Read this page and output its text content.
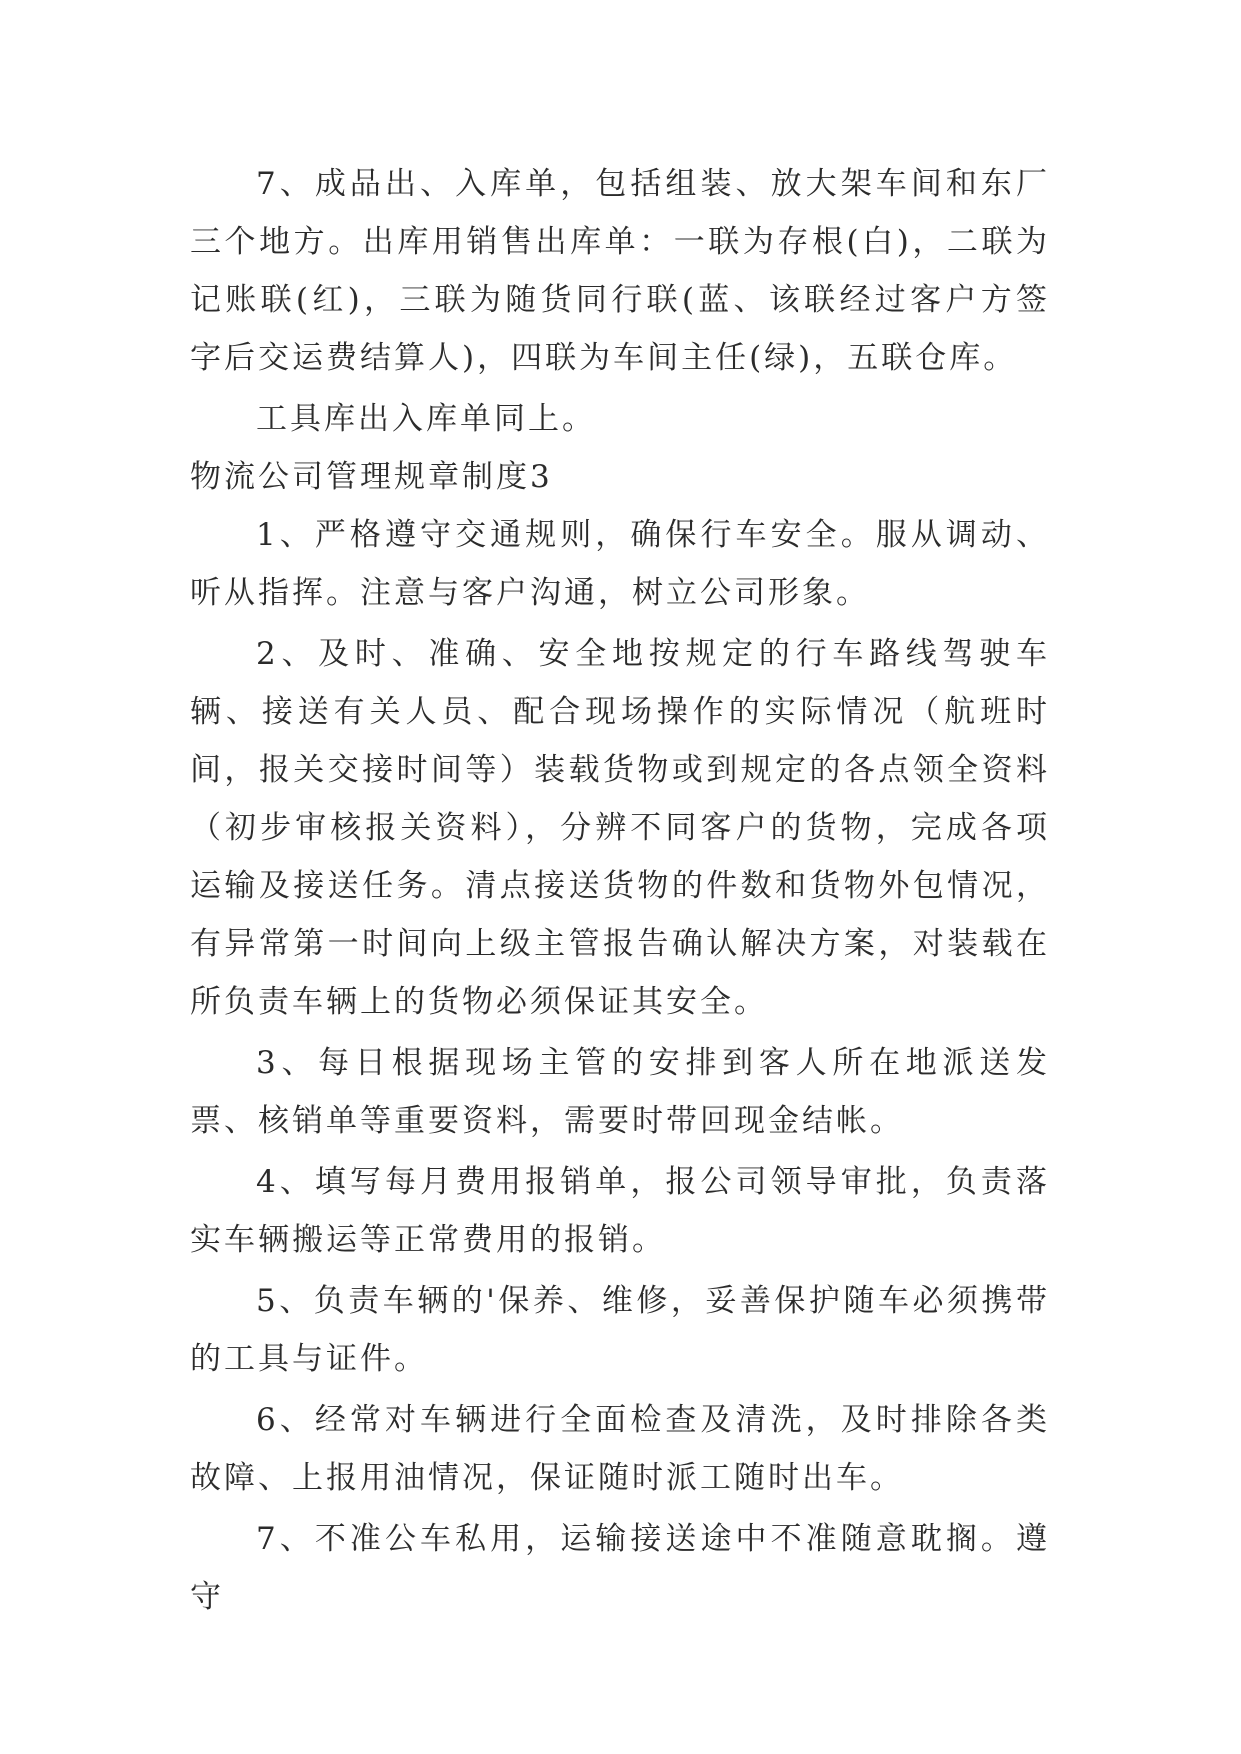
7、成品出、入库单，包括组装、放大架车间和东厂三个地方。出库用销售出库单：一联为存根(白)，二联为记账联(红)，三联为随货同行联(蓝、该联经过客户方签字后交运费结算人)，四联为车间主任(绿)，五联仓库。

工具库出入库单同上。

物流公司管理规章制度3

1、严格遵守交通规则，确保行车安全。服从调动、听从指挥。注意与客户沟通，树立公司形象。

2、及时、准确、安全地按规定的行车路线驾驶车辆、接送有关人员、配合现场操作的实际情况（航班时间，报关交接时间等）装载货物或到规定的各点领全资料（初步审核报关资料），分辨不同客户的货物，完成各项运输及接送任务。清点接送货物的件数和货物外包情况，有异常第一时间向上级主管报告确认解决方案，对装载在所负责车辆上的货物必须保证其安全。

3、每日根据现场主管的安排到客人所在地派送发票、核销单等重要资料，需要时带回现金结帐。

4、填写每月费用报销单，报公司领导审批，负责落实车辆搬运等正常费用的报销。

5、负责车辆的'保养、维修，妥善保护随车必须携带的工具与证件。

6、经常对车辆进行全面检查及清洗，及时排除各类故障、上报用油情况，保证随时派工随时出车。

7、不准公车私用，运输接送途中不准随意耽搁。遵守
